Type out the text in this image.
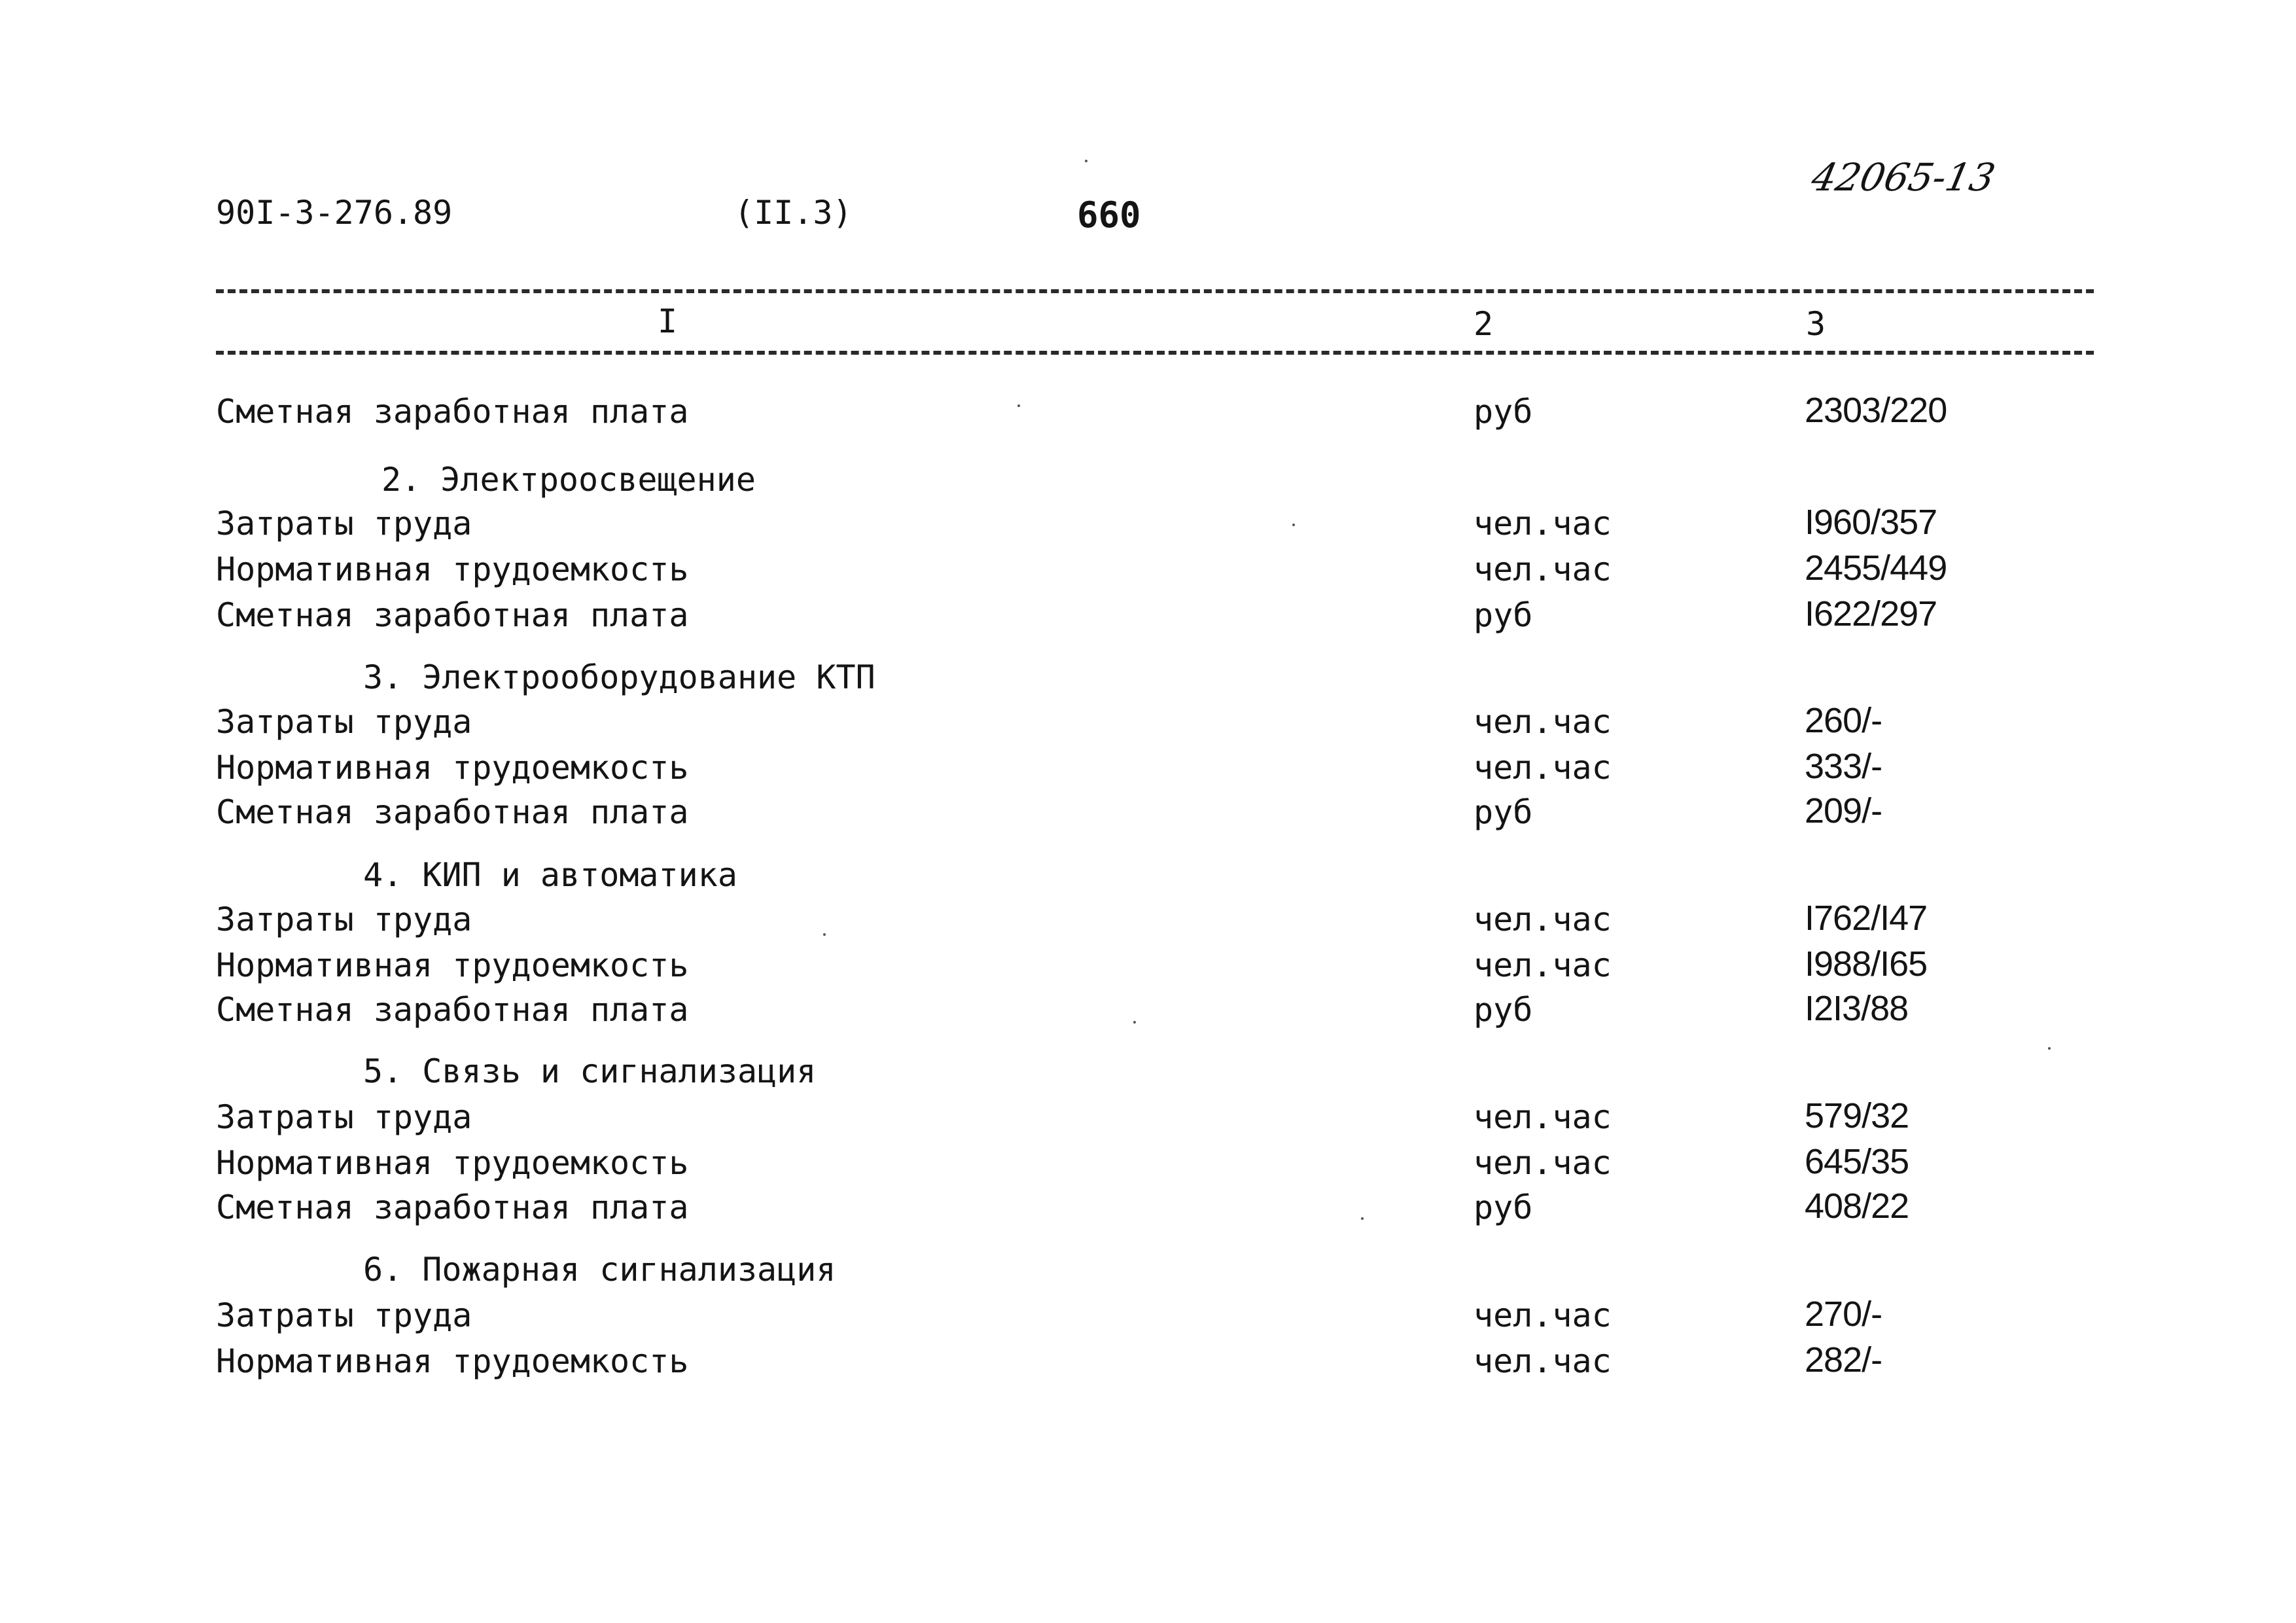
90I-3-276.89	(II.3)	660
42065-13
I	2	3
Сметная заработная плата	руб	2303/220
2. Электроосвещение
Затраты труда	чел.час	I960/357
Нормативная трудоемкость	чел.час	2455/449
Сметная заработная плата	руб	I622/297
3. Электрооборудование КТП
Затраты труда	чел.час	260/-
Нормативная трудоемкость	чел.час	333/-
Сметная заработная плата	руб	209/-
4. КИП и автоматика
Затраты труда	чел.час	I762/I47
Нормативная трудоемкость	чел.час	I988/I65
Сметная заработная плата	руб	I2I3/88
5. Связь и сигнализация
Затраты труда	чел.час	579/32
Нормативная трудоемкость	чел.час	645/35
Сметная заработная плата	руб	408/22
6. Пожарная сигнализация
Затраты труда	чел.час	270/-
Нормативная трудоемкость	чел.час	282/-
